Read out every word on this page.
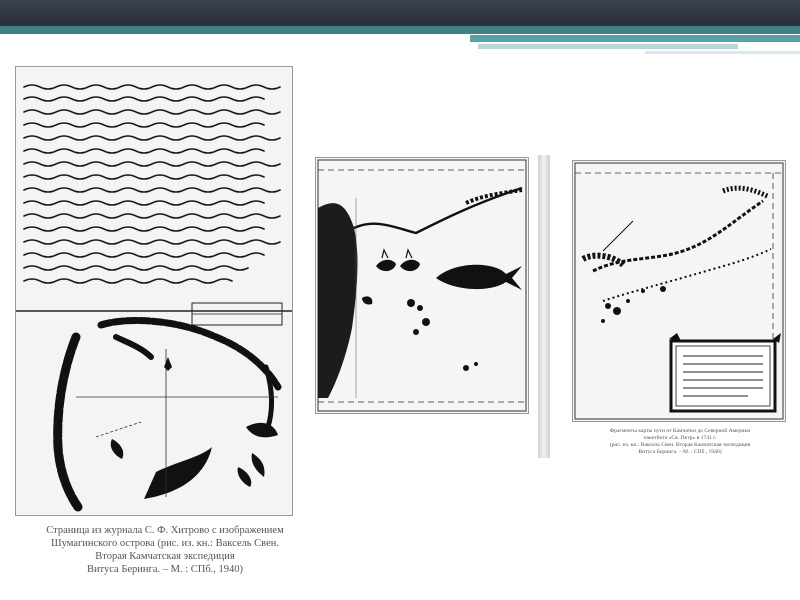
Страница из журнала С. Ф. Хитрово с изображением
Шумагинского острова (рис. из. кн.: Ваксель Свен.
Вторая Камчатская экспедиция
Витуса Беринга. – М. : СПб., 1940)
Фрагменты карты пути от Камчатки до Северной Америки
пакетбота «Св. Петр» в 1741 г.
(рис. из. кн.: Ваксель Свен. Вторая Камчатская экспедиция
Витуса Беринга. – М. : СПб., 1940)
